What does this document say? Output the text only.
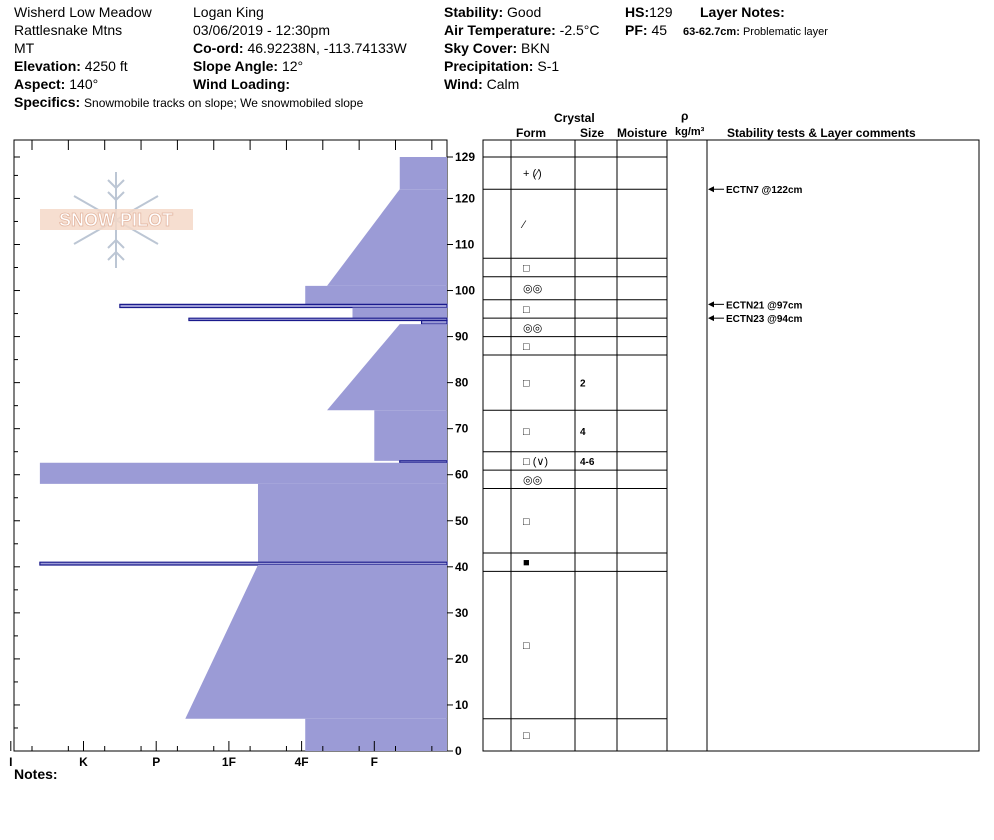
Wisherd Low Meadow
Rattlesnake Mtns
MT
Elevation: 4250 ft
Aspect: 140°
Specifics: Snowmobile tracks on slope; We snowmobiled slope
Logan King
03/06/2019 - 12:30pm
Co-ord: 46.92238N, -113.74133W
Slope Angle: 12°
Wind Loading:
Stability: Good
Air Temperature: -2.5°C
Sky Cover: BKN
Precipitation: S-1
Wind: Calm
HS:129
PF: 45
Layer Notes:
63-62.7cm: Problematic layer
Crystal
Form	Size Moisture
ρ
kg/m³ Stability tests & Layer comments
SNOW PILOT
I	K	P	1F	4F	F
0
10
20
30
40
50
60
70
80
90
100
110
120
129
+ (⁄)
⁄
□
◎◎
□
◎◎
□
□	2
□	4
□ (∨)	4-6
◎◎
□
■
□
□
ECTN7 @122cm
ECTN21 @97cm
ECTN23 @94cm
Notes:
